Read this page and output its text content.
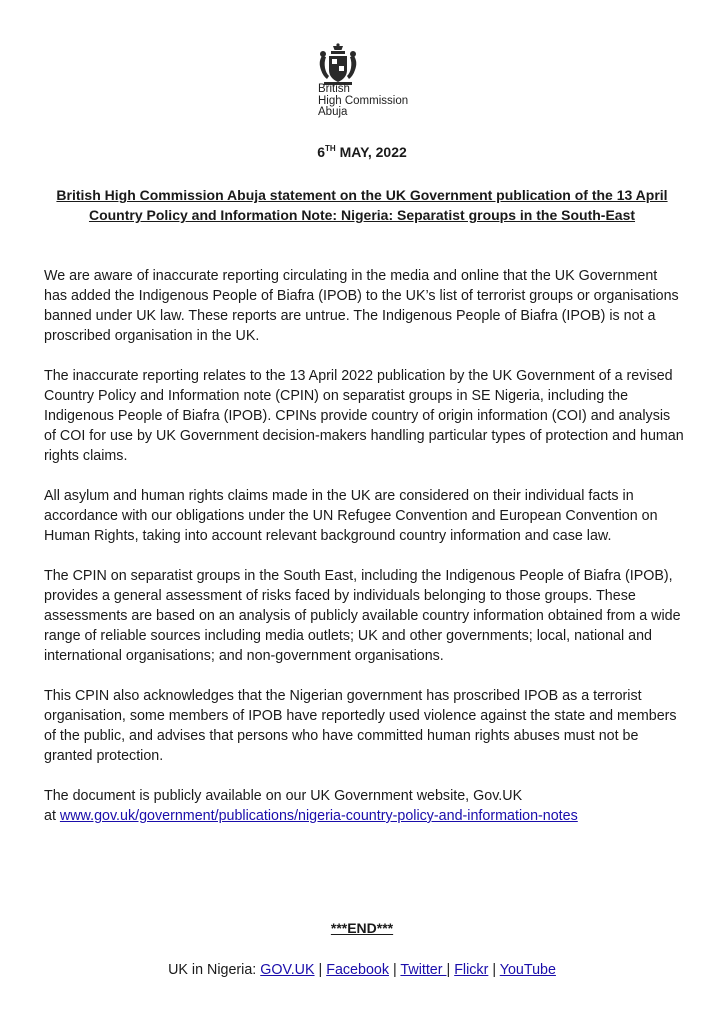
British
High Commission
Abuja
6TH MAY, 2022
British High Commission Abuja statement on the UK Government publication of the 13 April Country Policy and Information Note: Nigeria: Separatist groups in the South-East

We are aware of inaccurate reporting circulating in the media and online that the UK Government has added the Indigenous People of Biafra (IPOB) to the UK’s list of terrorist groups or organisations banned under UK law. These reports are untrue. The Indigenous People of Biafra (IPOB) is not a proscribed organisation in the UK.

The inaccurate reporting relates to the 13 April 2022 publication by the UK Government of a revised Country Policy and Information note (CPIN) on separatist groups in SE Nigeria, including the Indigenous People of Biafra (IPOB). CPINs provide country of origin information (COI) and analysis of COI for use by UK Government decision-makers handling particular types of protection and human rights claims.

All asylum and human rights claims made in the UK are considered on their individual facts in accordance with our obligations under the UN Refugee Convention and European Convention on Human Rights, taking into account relevant background country information and case law.

The CPIN on separatist groups in the South East, including the Indigenous People of Biafra (IPOB), provides a general assessment of risks faced by individuals belonging to those groups. These assessments are based on an analysis of publicly available country information obtained from a wide range of reliable sources including media outlets; UK and other governments; local, national and international organisations; and non-government organisations.

This CPIN also acknowledges that the Nigerian government has proscribed IPOB as a terrorist organisation, some members of IPOB have reportedly used violence against the state and members of the public, and advises that persons who have committed human rights abuses must not be granted protection.

The document is publicly available on our UK Government website, Gov.UK
at www.gov.uk/government/publications/nigeria-country-policy-and-information-notes

***END***
UK in Nigeria: GOV.UK | Facebook | Twitter | Flickr | YouTube
